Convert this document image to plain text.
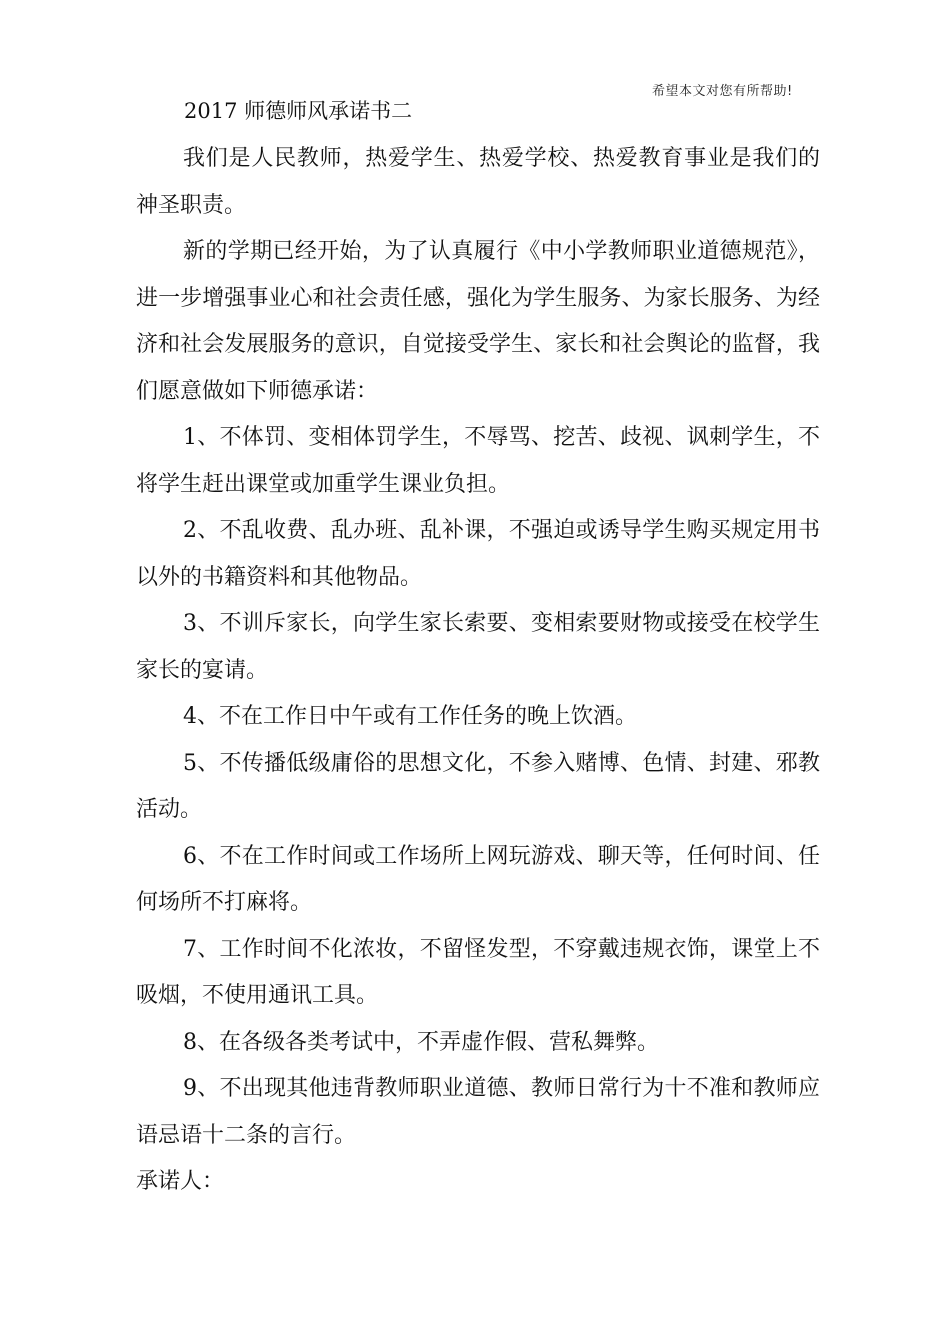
希望本文对您有所帮助!
2017 师德师风承诺书二

我们是人民教师，热爱学生、热爱学校、热爱教育事业是我们的神圣职责。

新的学期已经开始，为了认真履行《中小学教师职业道德规范》，进一步增强事业心和社会责任感，强化为学生服务、为家长服务、为经济和社会发展服务的意识，自觉接受学生、家长和社会舆论的监督，我们愿意做如下师德承诺：

1、不体罚、变相体罚学生，不辱骂、挖苦、歧视、讽刺学生，不将学生赶出课堂或加重学生课业负担。

2、不乱收费、乱办班、乱补课，不强迫或诱导学生购买规定用书以外的书籍资料和其他物品。

3、不训斥家长，向学生家长索要、变相索要财物或接受在校学生家长的宴请。

4、不在工作日中午或有工作任务的晚上饮酒。

5、不传播低级庸俗的思想文化，不参入赌博、色情、封建、邪教活动。

6、不在工作时间或工作场所上网玩游戏、聊天等，任何时间、任何场所不打麻将。

7、工作时间不化浓妆，不留怪发型，不穿戴违规衣饰，课堂上不吸烟，不使用通讯工具。

8、在各级各类考试中，不弄虚作假、营私舞弊。

9、不出现其他违背教师职业道德、教师日常行为十不准和教师应语忌语十二条的言行。

承诺人：
